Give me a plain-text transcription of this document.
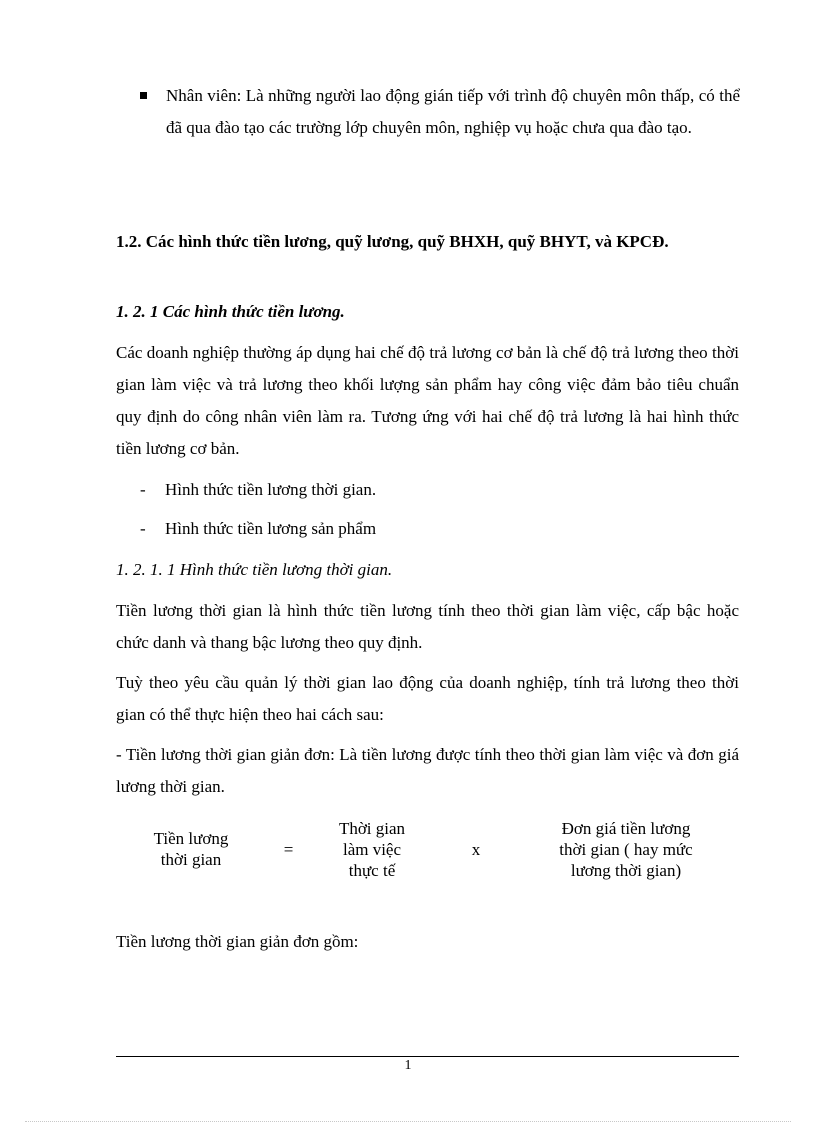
Nhân viên: Là những người lao động gián tiếp với trình độ chuyên môn thấp, có thể đã qua đào tạo các trường lớp chuyên môn, nghiệp vụ hoặc chưa qua đào tạo.
1.2. Các hình thức tiền lương, quỹ lương, quỹ BHXH, quỹ BHYT, và KPCĐ.
1. 2. 1 Các hình thức tiền lương.
Các doanh nghiệp thường áp dụng hai chế độ trả lương cơ bản là chế độ trả lương theo thời gian làm việc và trả lương theo khối lượng sản phẩm hay công việc đảm bảo tiêu chuẩn quy định do công nhân viên làm ra. Tương ứng với hai chế độ trả lương là hai hình thức tiền lương cơ bản.
- Hình thức tiền lương thời gian.
- Hình thức tiền lương sản phẩm
1. 2. 1. 1 Hình thức tiền lương thời gian.
Tiền lương thời gian là hình thức tiền lương tính theo thời gian làm việc, cấp bậc hoặc chức danh và thang bậc lương theo quy định.
Tuỳ theo yêu cầu quản lý thời gian lao động của doanh nghiệp, tính trả lương theo thời gian có thể thực hiện theo hai cách sau:
- Tiền lương thời gian giản đơn: Là tiền lương được tính theo thời gian làm việc và đơn giá lương thời gian.
Tiền lương
thời gian
=
Thời gian
làm việc
thực tế
x
Đơn giá tiền lương
thời gian ( hay mức
lương thời gian)
Tiền lương thời gian giản đơn gồm:
1
